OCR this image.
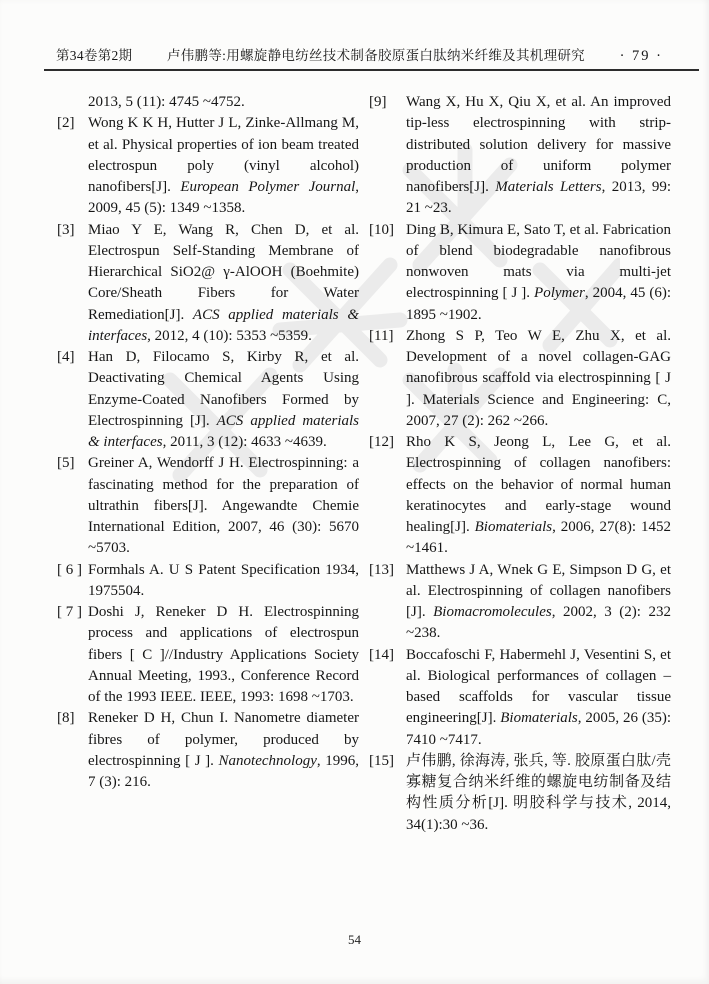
第34卷第2期	卢伟鹏等:用螺旋静电纺丝技术制备胶原蛋白肽纳米纤维及其机理研究 · 79 ·
2013, 5 (11): 4745 ~4752.
[2] Wong K K H, Hutter J L, Zinke-Allmang M, et al. Physical properties of ion beam treated electrospun poly (vinyl alcohol) nanofibers[J]. European Polymer Journal, 2009, 45 (5): 1349 ~1358.
[3] Miao Y E, Wang R, Chen D, et al. Electrospun Self-Standing Membrane of Hierarchical SiO2@ γ-AlOOH (Boehmite) Core/Sheath Fibers for Water Remediation[J]. ACS applied materials & interfaces, 2012, 4 (10): 5353 ~5359.
[4] Han D, Filocamo S, Kirby R, et al. Deactivating Chemical Agents Using Enzyme-Coated Nanofibers Formed by Electrospinning [J]. ACS applied materials & interfaces, 2011, 3 (12): 4633 ~4639.
[5] Greiner A, Wendorff J H. Electrospinning: a fascinating method for the preparation of ultrathin fibers[J]. Angewandte Chemie International Edition, 2007, 46 (30): 5670 ~5703.
[ 6 ] Formhals A. U S Patent Specification 1934, 1975504.
[ 7 ] Doshi J, Reneker D H. Electrospinning process and applications of electrospun fibers [ C ]//Industry Applications Society Annual Meeting, 1993., Conference Record of the 1993 IEEE. IEEE, 1993: 1698 ~1703.
[8] Reneker D H, Chun I. Nanometre diameter fibres of polymer, produced by electrospinning [ J ]. Nanotechnology, 1996, 7 (3): 216.
[9] Wang X, Hu X, Qiu X, et al. An improved tip-less electrospinning with strip-distributed solution delivery for massive production of uniform polymer nanofibers[J]. Materials Letters, 2013, 99: 21 ~23.
[10] Ding B, Kimura E, Sato T, et al. Fabrication of blend biodegradable nanofibrous nonwoven mats via multi-jet electrospinning [ J ]. Polymer, 2004, 45 (6): 1895 ~1902.
[11] Zhong S P, Teo W E, Zhu X, et al. Development of a novel collagen-GAG nanofibrous scaffold via electrospinning [ J ]. Materials Science and Engineering: C, 2007, 27 (2): 262 ~266.
[12] Rho K S, Jeong L, Lee G, et al. Electrospinning of collagen nanofibers: effects on the behavior of normal human keratinocytes and early-stage wound healing[J]. Biomaterials, 2006, 27(8): 1452 ~1461.
[13] Matthews J A, Wnek G E, Simpson D G, et al. Electrospinning of collagen nanofibers [J]. Biomacromolecules, 2002, 3 (2): 232 ~238.
[14] Boccafoschi F, Habermehl J, Vesentini S, et al. Biological performances of collagen – based scaffolds for vascular tissue engineering[J]. Biomaterials, 2005, 26 (35): 7410 ~7417.
[15] 卢伟鹏, 徐海涛, 张兵, 等. 胶原蛋白肽/壳寡糖复合纳米纤维的螺旋电纺制备及结构性质分析[J]. 明胶科学与技术, 2014, 34(1):30 ~36.
54
